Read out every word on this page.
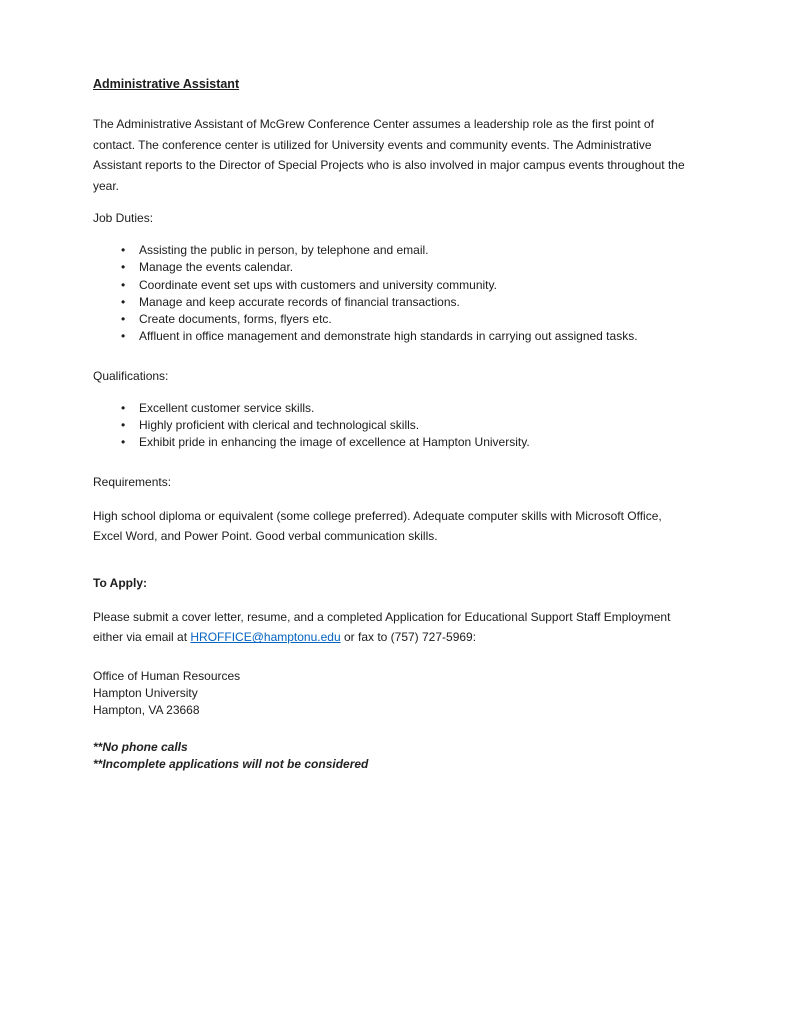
Administrative Assistant

The Administrative Assistant of McGrew Conference Center assumes a leadership role as the first point of contact. The conference center is utilized for University events and community events. The Administrative Assistant reports to the Director of Special Projects who is also involved in major campus events throughout the year.

Job Duties:

• Assisting the public in person, by telephone and email.
• Manage the events calendar.
• Coordinate event set ups with customers and university community.
• Manage and keep accurate records of financial transactions.
• Create documents, forms, flyers etc.
• Affluent in office management and demonstrate high standards in carrying out assigned tasks.

Qualifications:

• Excellent customer service skills.
• Highly proficient with clerical and technological skills.
• Exhibit pride in enhancing the image of excellence at Hampton University.

Requirements:

High school diploma or equivalent (some college preferred). Adequate computer skills with Microsoft Office, Excel Word, and Power Point. Good verbal communication skills.

To Apply:

Please submit a cover letter, resume, and a completed Application for Educational Support Staff Employment either via email at HROFFICE@hamptonu.edu or fax to (757) 727-5969:

Office of Human Resources
Hampton University
Hampton, VA 23668
**No phone calls
**Incomplete applications will not be considered
